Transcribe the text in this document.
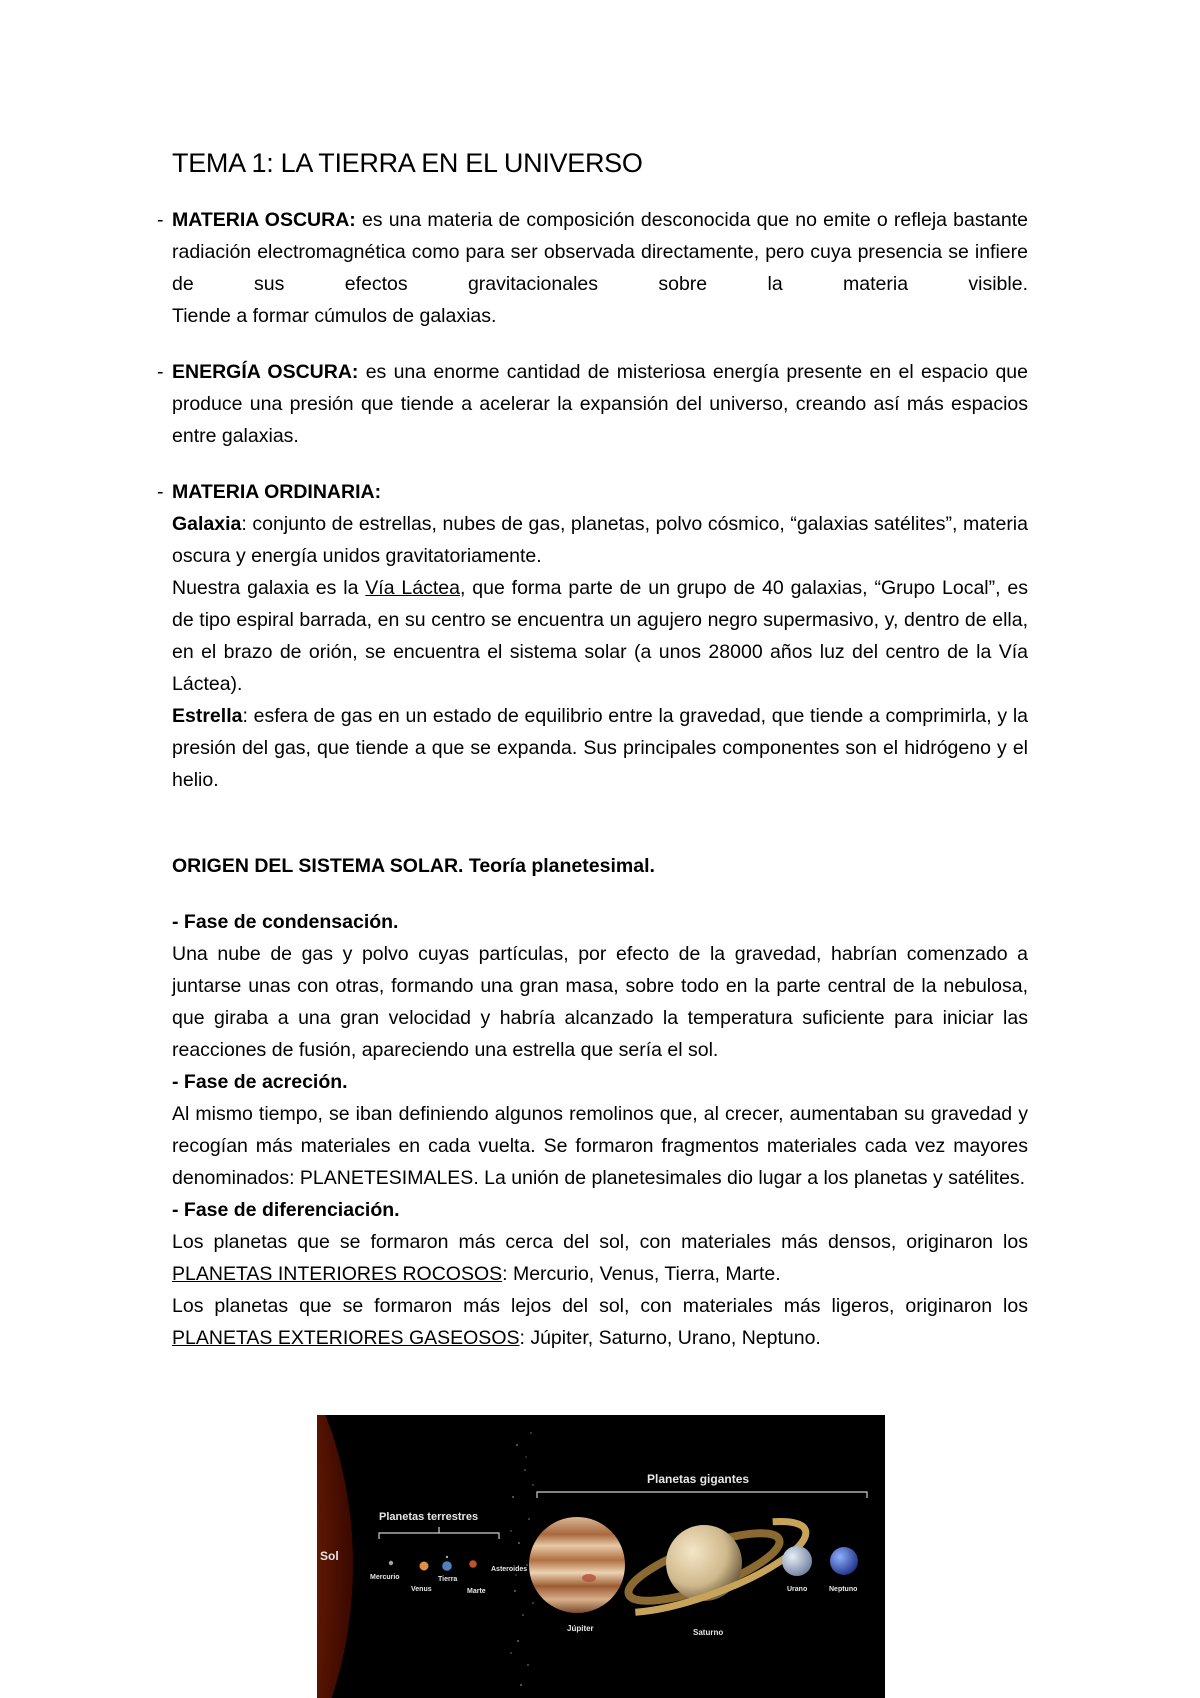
TEMA 1: LA TIERRA EN EL UNIVERSO
- MATERIA OSCURA: es una materia de composición desconocida que no emite o refleja bastante radiación electromagnética como para ser observada directamente, pero cuya presencia se infiere de sus efectos gravitacionales sobre la materia visible.
Tiende a formar cúmulos de galaxias.
- ENERGÍA OSCURA: es una enorme cantidad de misteriosa energía presente en el espacio que produce una presión que tiende a acelerar la expansión del universo, creando así más espacios entre galaxias.
- MATERIA ORDINARIA:
Galaxia: conjunto de estrellas, nubes de gas, planetas, polvo cósmico, “galaxias satélites”, materia oscura y energía unidos gravitatoriamente.
Nuestra galaxia es la Vía Láctea, que forma parte de un grupo de 40 galaxias, “Grupo Local”, es de tipo espiral barrada, en su centro se encuentra un agujero negro supermasivo, y, dentro de ella, en el brazo de orión, se encuentra el sistema solar (a unos 28000 años luz del centro de la Vía Láctea).
Estrella: esfera de gas en un estado de equilibrio entre la gravedad, que tiende a comprimirla, y la presión del gas, que tiende a que se expanda. Sus principales componentes son el hidrógeno y el helio.
ORIGEN DEL SISTEMA SOLAR. Teoría planetesimal.
- Fase de condensación.
Una nube de gas y polvo cuyas partículas, por efecto de la gravedad, habrían comenzado a juntarse unas con otras, formando una gran masa, sobre todo en la parte central de la nebulosa, que giraba a una gran velocidad y habría alcanzado la temperatura suficiente para iniciar las reacciones de fusión, apareciendo una estrella que sería el sol.
- Fase de acreción.
Al mismo tiempo, se iban definiendo algunos remolinos que, al crecer, aumentaban su gravedad y recogían más materiales en cada vuelta. Se formaron fragmentos materiales cada vez mayores denominados: PLANETESIMALES. La unión de planetesimales dio lugar a los planetas y satélites.
- Fase de diferenciación.
Los planetas que se formaron más cerca del sol, con materiales más densos, originaron los PLANETAS INTERIORES ROCOSOS: Mercurio, Venus, Tierra, Marte.
Los planetas que se formaron más lejos del sol, con materiales más ligeros, originaron los PLANETAS EXTERIORES GASEOSOS: Júpiter, Saturno, Urano, Neptuno.
Sol
Planetas gigantes
Planetas terrestres
Mercurio
Venus
Tierra
Marte
Asteroides
Júpiter	Saturno
Urano	Neptuno
